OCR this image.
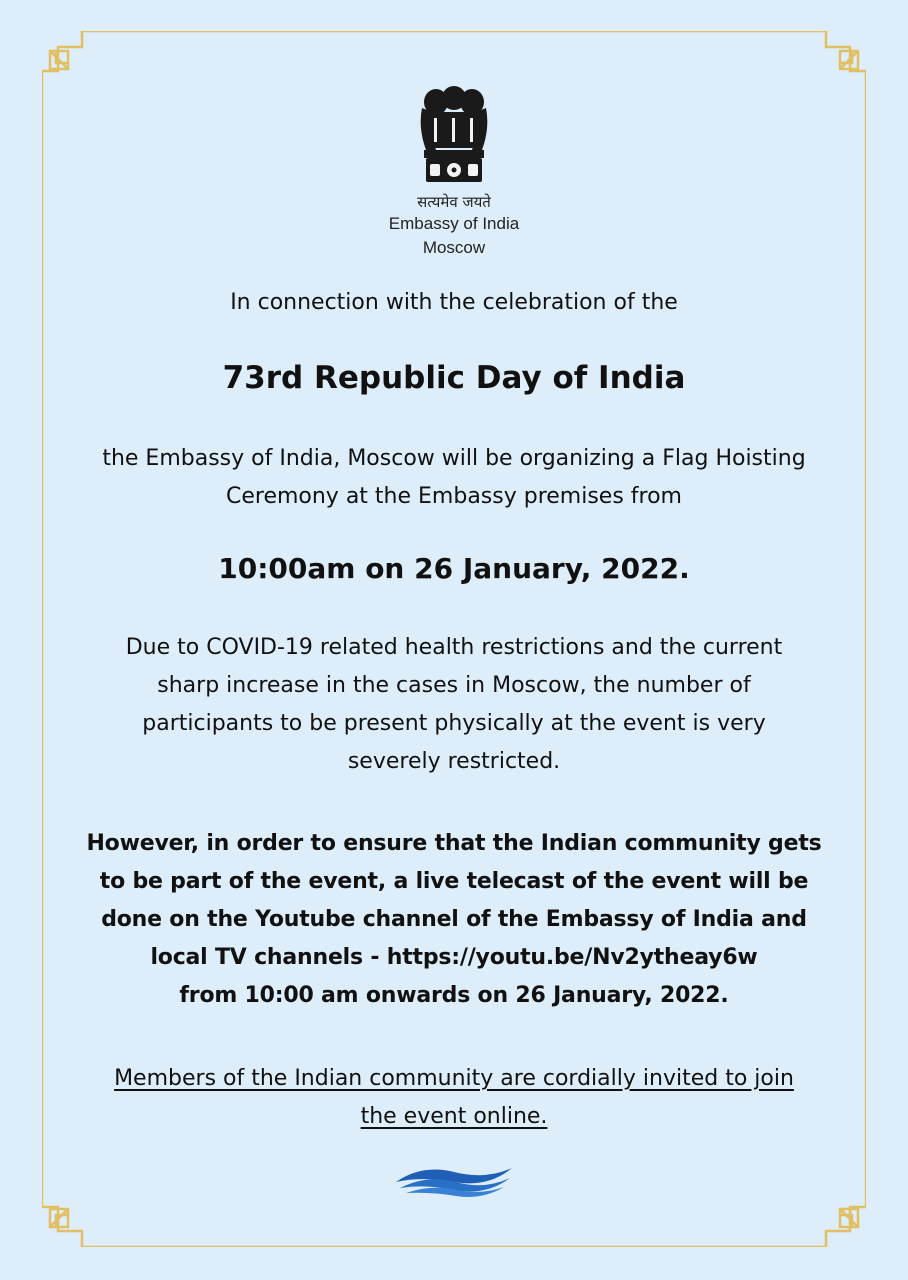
सत्यमेव जयते
Embassy of India
Moscow
In connection with the celebration of the
73rd Republic Day of India
the Embassy of India, Moscow will be organizing a Flag Hoisting
Ceremony at the Embassy premises from
10:00am on 26 January, 2022.
Due to COVID-19 related health restrictions and the current
sharp increase in the cases in Moscow, the number of
participants to be present physically at the event is very
severely restricted.
However, in order to ensure that the Indian community gets
to be part of the event, a live telecast of the event will be
done on the Youtube channel of the Embassy of India and
local TV channels - https://youtu.be/Nv2ytheay6w
from 10:00 am onwards on 26 January, 2022.
Members of the Indian community are cordially invited to join
the event online.
